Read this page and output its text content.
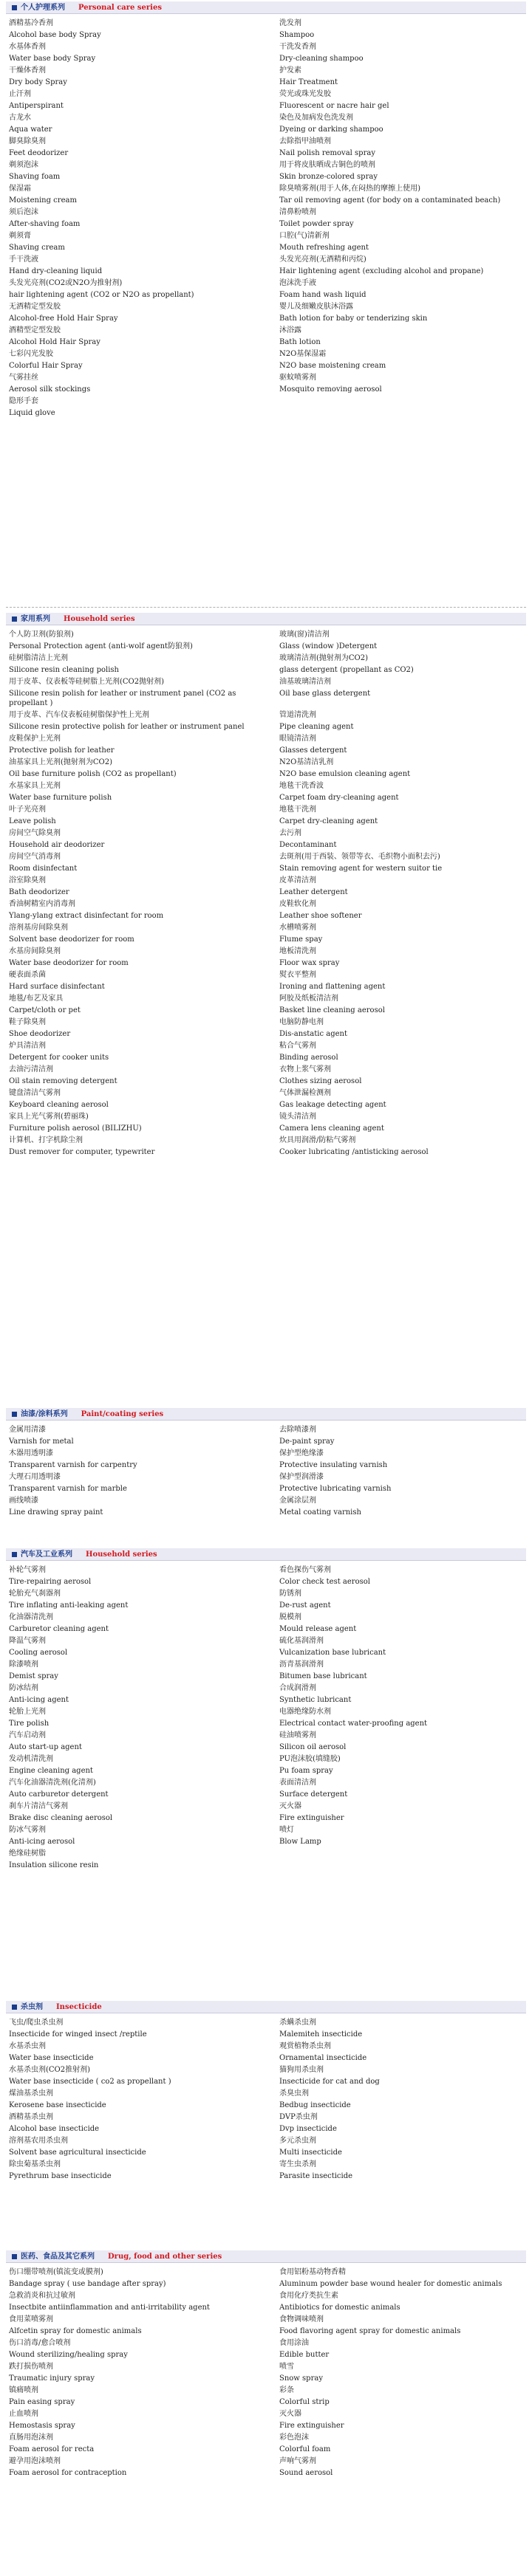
个人护理系列 Personal care series
酒精基冷香剂	洗发剂
Alcohol base body Spray	Shampoo
水基体香剂	干洗发香剂
Water base body Spray	Dry-cleaning shampoo
干燥体香剂	护发素
Dry body Spray	Hair Treatment
止汗剂	荧光或珠光发胶
Antiperspirant	Fluorescent or nacre hair gel
古龙水	染色及加病发色洗发剂
Aqua water	Dyeing or darking shampoo
脚臭除臭剂	去除指甲油喷剂
Feet deodorizer	Nail polish removal spray
剃须泡沫	用于将皮肤晒成古铜色的喷剂
Shaving foam	Skin bronze-colored spray
保湿霜	除臭喷雾剂(用于人体,在闷热的摩擦上使用)
Moistening cream	Tar oil removing agent (for body on a contaminated beach)
须后泡沫	清鼻粉喷剂
After-shaving foam	Toilet powder spray
剃须膏	口腔(气)清新剂
Shaving cream	Mouth refreshing agent
手干洗液	头发光亮剂(无酒精和丙烷)
Hand dry-cleaning liquid	Hair lightening agent (excluding alcohol and propane)
头发光亮剂(CO2或N2O为推射剂)	泡沫洗手液
hair lightening agent (CO2 or N2O as propellant)	Foam hand wash liquid
无酒精定型发胶	婴儿及细嫩皮肤沐浴露
Alcohol-free Hold Hair Spray	Bath lotion for baby or tenderizing skin
酒精型定型发胶	沐浴露
Alcohol Hold Hair Spray	Bath lotion
七彩闪光发胶	N2O基保湿霜
Colorful Hair Spray	N2O base moistening cream
气雾挂丝	驱蚊喷雾剂
Aerosol silk stockings	Mosquito removing aerosol
隐形手套
Liquid glove
家用系列 Household series
个人防卫剂(防狼剂)	玻璃(窗)清洁剂
Personal Protection agent (anti-wolf agent防狼剂)	Glass (window )Detergent
硅树脂清洁上光剂	玻璃清洁剂(抛射剂为CO2)
Silicone resin cleaning polish	glass detergent (propellant as CO2)
用于皮革、仪表板等硅树脂上光剂(CO2抛射剂)	油基玻璃清洁剂
Silicone resin polish for leather or instrument panel (CO2 as propellant )
Oil base glass detergent
用于皮革、汽车仪表板硅树脂保护性上光剂	管道清洗剂
Silicone resin protective polish for leather or instrument panel	Pipe cleaning agent
皮鞋保护上光剂	眼镜清洁剂
Protective polish for leather	Glasses detergent
油基家具上光剂(抛射剂为CO2)	N2O基清洁乳剂
Oil base furniture polish (CO2 as propellant)	N2O base emulsion cleaning agent
水基家具上光剂	地毯干洗香波
Water base furniture polish	Carpet foam dry-cleaning agent
叶子光亮剂	地毯干洗剂
Leave polish	Carpet dry-cleaning agent
房间空气除臭剂	去污剂
Household air deodorizer	Decontaminant
房间空气消毒剂	去斑剂(用于西装、领带等衣、毛织物小面积去污)
Room disinfectant	Stain removing agent for western suitor tie
浴室除臭剂	皮革清洁剂
Bath deodorizer	Leather detergent
香油树精室内消毒剂	皮鞋软化剂
Ylang-ylang extract disinfectant for room	Leather shoe softener
溶剂基房间除臭剂	水槽喷雾剂
Solvent base deodorizer for room	Flume spay
水基房间除臭剂	地板清洗剂
Water base deodorizer for room	Floor wax spray
硬表面杀菌	熨衣平整剂
Hard surface disinfectant	Ironing and flattening agent
地毯/布艺及家具	阿胶及纸板清洁剂
Carpet/cloth or pet	Basket line cleaning aerosol
鞋子除臭剂	电脑防静电剂
Shoe deodorizer	Dis-anstatic agent
炉具清洁剂	粘合气雾剂
Detergent for cooker units	Binding aerosol
去油污清洁剂	衣物上浆气雾剂
Oil stain removing detergent	Clothes sizing aerosol
键盘清洁气雾剂	气体泄漏检测剂
Keyboard cleaning aerosol	Gas leakage detecting agent
家具上光气雾剂(碧丽珠)	镜头清洁剂
Furniture polish aerosol (BILIZHU)	Camera lens cleaning agent
计算机、打字机除尘剂	炊具用润滑/防粘气雾剂
Dust remover for computer, typewriter	Cooker lubricating /antisticking aerosol
油漆/涂料系列 Paint/coating series
金属用清漆	去除喷漆剂
Varnish for metal	De-paint spray
木器用透明漆	保护型绝缘漆
Transparent varnish for carpentry	Protective insulating varnish
大理石用透明漆	保护型润滑漆
Transparent varnish for marble	Protective lubricating varnish
画线喷漆	金属涂层剂
Line drawing spray paint	Metal coating varnish
汽车及工业系列 Household series
补轮气雾剂	看色探伤气雾剂
Tire-repairing aerosol	Color check test aerosol
轮胎充气刹器剂	防锈剂
Tire inflating anti-leaking agent	De-rust agent
化油器清洗剂	脱模剂
Carburetor cleaning agent	Mould release agent
降温气雾剂	硫化基润滑剂
Cooling aerosol	Vulcanization base lubricant
除漆喷剂	沥青基润滑剂
Demist spray	Bitumen base lubricant
防冰结剂	合成润滑剂
Anti-icing agent	Synthetic lubricant
轮胎上光剂	电器绝缘防水剂
Tire polish	Electrical contact water-proofing agent
汽车启动剂	硅油喷雾剂
Auto start-up agent	Silicon oil aerosol
发动机清洗剂	PU泡沫胶(填缝胶)
Engine cleaning agent	Pu foam spray
汽车化油器清洗剂(化清剂)	表面清洁剂
Auto carburetor detergent	Surface detergent
刹车片清洁气雾剂	灭火器
Brake disc cleaning aerosol	Fire extinguisher
防冰气雾剂	喷灯
Anti-icing aerosol	Blow Lamp
绝缘硅树脂
Insulation silicone resin
杀虫剂 Insecticide
飞虫/爬虫杀虫剂	杀螨杀虫剂
Insecticide for winged insect /reptile	Malemiteh insecticide
水基杀虫剂	观赏植物杀虫剂
Water base insecticide	Ornamental insecticide
水基杀虫剂(CO2推射剂)	猫狗用杀虫剂
Water base insecticide ( co2 as propellant )	Insecticide for cat and dog
煤油基杀虫剂	杀臭虫剂
Kerosene base insecticide	Bedbug insecticide
酒精基杀虫剂	DVP杀虫剂
Alcohol base insecticide	Dvp insecticide
溶剂基农用杀虫剂	多元杀虫剂
Solvent base agricultural insecticide	Multi insecticide
除虫菊基杀虫剂	寄生虫杀剂
Pyrethrum base insecticide	Parasite insecticide
医药、食品及其它系列 Drug, food and other series
伤口绷带喷剂(镇流变或膜剂)	食用铝粉基动物香精
Bandage spray ( use bandage after spray)	Aluminum powder base wound healer for domestic animals
急救消炎和抗过敏剂	食用化疗类抗生素
Insectbite antiinflammation and anti-irritability agent	Antibiotics for domestic animals
食用菜喷雾剂	食物调味喷剂
Alfcetin spray for domestic animals	Food flavoring agent spray for domestic animals
伤口消毒/愈合喷剂	食用涂油
Wound sterilizing/healing spray	Edible butter
跌打损伤喷剂	喷雪
Traumatic injury spray	Snow spray
镇痛喷剂	彩条
Pain easing spray	Colorful strip
止血喷剂	灭火器
Hemostasis spray	Fire extinguisher
直肠用泡沫剂	彩色泡沫
Foam aerosol for recta	Colorful foam
避孕用泡沫喷剂	声响气雾剂
Foam aerosol for contraception	Sound aerosol
